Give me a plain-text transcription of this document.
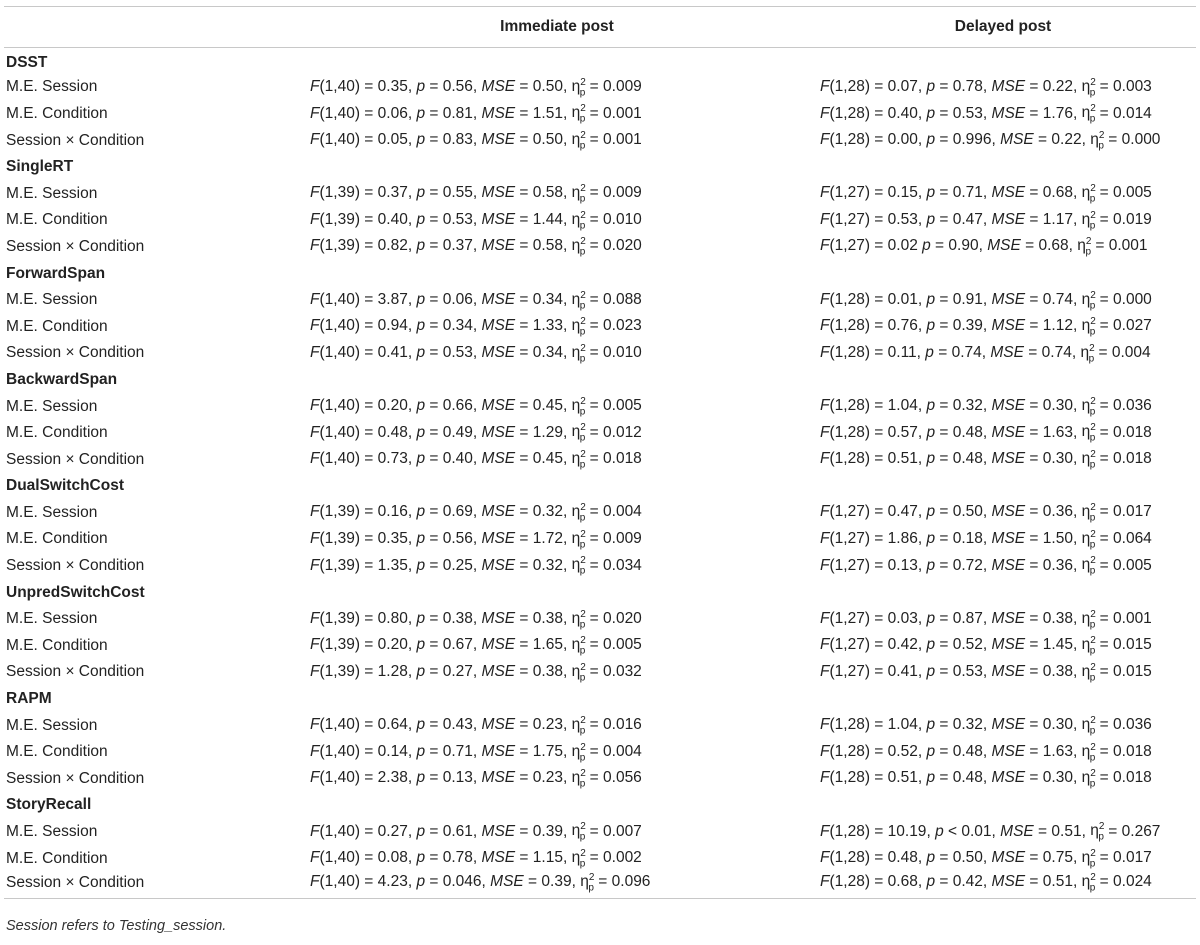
	Immediate post	Delayed post
DSST		
M.E. Session	F(1,40) = 0.35, p = 0.56, MSE = 0.50, $\eta^2_p = 0.009$	F(1,28) = 0.07, p = 0.78, MSE = 0.22, $\eta^2_p = 0.003$
M.E. Condition	F(1,40) = 0.06, p = 0.81, MSE = 1.51, $\eta^2_p = 0.001$	F(1,28) = 0.40, p = 0.53, MSE = 1.76, $\eta^2_p = 0.014$
Session × Condition	F(1,40) = 0.05, p = 0.83, MSE = 0.50, $\eta^2_p = 0.001$	F(1,28) = 0.00, p = 0.996, MSE = 0.22, $\eta^2_p = 0.000$
SingleRT		
M.E. Session	F(1,39) = 0.37, p = 0.55, MSE = 0.58, $\eta^2_p = 0.009$	F(1,27) = 0.15, p = 0.71, MSE = 0.68, $\eta^2_p = 0.005$
M.E. Condition	F(1,39) = 0.40, p = 0.53, MSE = 1.44, $\eta^2_p = 0.010$	F(1,27) = 0.53, p = 0.47, MSE = 1.17, $\eta^2_p = 0.019$
Session × Condition	F(1,39) = 0.82, p = 0.37, MSE = 0.58, $\eta^2_p = 0.020$	F(1,27) = 0.02 p = 0.90, MSE = 0.68, $\eta^2_p = 0.001$
ForwardSpan		
M.E. Session	F(1,40) = 3.87, p = 0.06, MSE = 0.34, $\eta^2_p = 0.088$	F(1,28) = 0.01, p = 0.91, MSE = 0.74, $\eta^2_p = 0.000$
M.E. Condition	F(1,40) = 0.94, p = 0.34, MSE = 1.33, $\eta^2_p = 0.023$	F(1,28) = 0.76, p = 0.39, MSE = 1.12, $\eta^2_p = 0.027$
Session × Condition	F(1,40) = 0.41, p = 0.53, MSE = 0.34, $\eta^2_p = 0.010$	F(1,28) = 0.11, p = 0.74, MSE = 0.74, $\eta^2_p = 0.004$
BackwardSpan		
M.E. Session	F(1,40) = 0.20, p = 0.66, MSE = 0.45, $\eta^2_p = 0.005$	F(1,28) = 1.04, p = 0.32, MSE = 0.30, $\eta^2_p = 0.036$
M.E. Condition	F(1,40) = 0.48, p = 0.49, MSE = 1.29, $\eta^2_p = 0.012$	F(1,28) = 0.57, p = 0.48, MSE = 1.63, $\eta^2_p = 0.018$
Session × Condition	F(1,40) = 0.73, p = 0.40, MSE = 0.45, $\eta^2_p = 0.018$	F(1,28) = 0.51, p = 0.48, MSE = 0.30, $\eta^2_p = 0.018$
DualSwitchCost		
M.E. Session	F(1,39) = 0.16, p = 0.69, MSE = 0.32, $\eta^2_p = 0.004$	F(1,27) = 0.47, p = 0.50, MSE = 0.36, $\eta^2_p = 0.017$
M.E. Condition	F(1,39) = 0.35, p = 0.56, MSE = 1.72, $\eta^2_p = 0.009$	F(1,27) = 1.86, p = 0.18, MSE = 1.50, $\eta^2_p = 0.064$
Session × Condition	F(1,39) = 1.35, p = 0.25, MSE = 0.32, $\eta^2_p = 0.034$	F(1,27) = 0.13, p = 0.72, MSE = 0.36, $\eta^2_p = 0.005$
UnpredSwitchCost		
M.E. Session	F(1,39) = 0.80, p = 0.38, MSE = 0.38, $\eta^2_p = 0.020$	F(1,27) = 0.03, p = 0.87, MSE = 0.38, $\eta^2_p = 0.001$
M.E. Condition	F(1,39) = 0.20, p = 0.67, MSE = 1.65, $\eta^2_p = 0.005$	F(1,27) = 0.42, p = 0.52, MSE = 1.45, $\eta^2_p = 0.015$
Session × Condition	F(1,39) = 1.28, p = 0.27, MSE = 0.38, $\eta^2_p = 0.032$	F(1,27) = 0.41, p = 0.53, MSE = 0.38, $\eta^2_p = 0.015$
RAPM		
M.E. Session	F(1,40) = 0.64, p = 0.43, MSE = 0.23, $\eta^2_p = 0.016$	F(1,28) = 1.04, p = 0.32, MSE = 0.30, $\eta^2_p = 0.036$
M.E. Condition	F(1,40) = 0.14, p = 0.71, MSE = 1.75, $\eta^2_p = 0.004$	F(1,28) = 0.52, p = 0.48, MSE = 1.63, $\eta^2_p = 0.018$
Session × Condition	F(1,40) = 2.38, p = 0.13, MSE = 0.23, $\eta^2_p = 0.056$	F(1,28) = 0.51, p = 0.48, MSE = 0.30, $\eta^2_p = 0.018$
StoryRecall		
M.E. Session	F(1,40) = 0.27, p = 0.61, MSE = 0.39, $\eta^2_p = 0.007$	F(1,28) = 10.19, p < 0.01, MSE = 0.51, $\eta^2_p = 0.267$
M.E. Condition	F(1,40) = 0.08, p = 0.78, MSE = 1.15, $\eta^2_p = 0.002$	F(1,28) = 0.48, p = 0.50, MSE = 0.75, $\eta^2_p = 0.017$
Session × Condition	F(1,40) = 4.23, p = 0.046, MSE = 0.39, $\eta^2_p = 0.096$	F(1,28) = 0.68, p = 0.42, MSE = 0.51, $\eta^2_p = 0.024$
Session refers to Testing_session.
